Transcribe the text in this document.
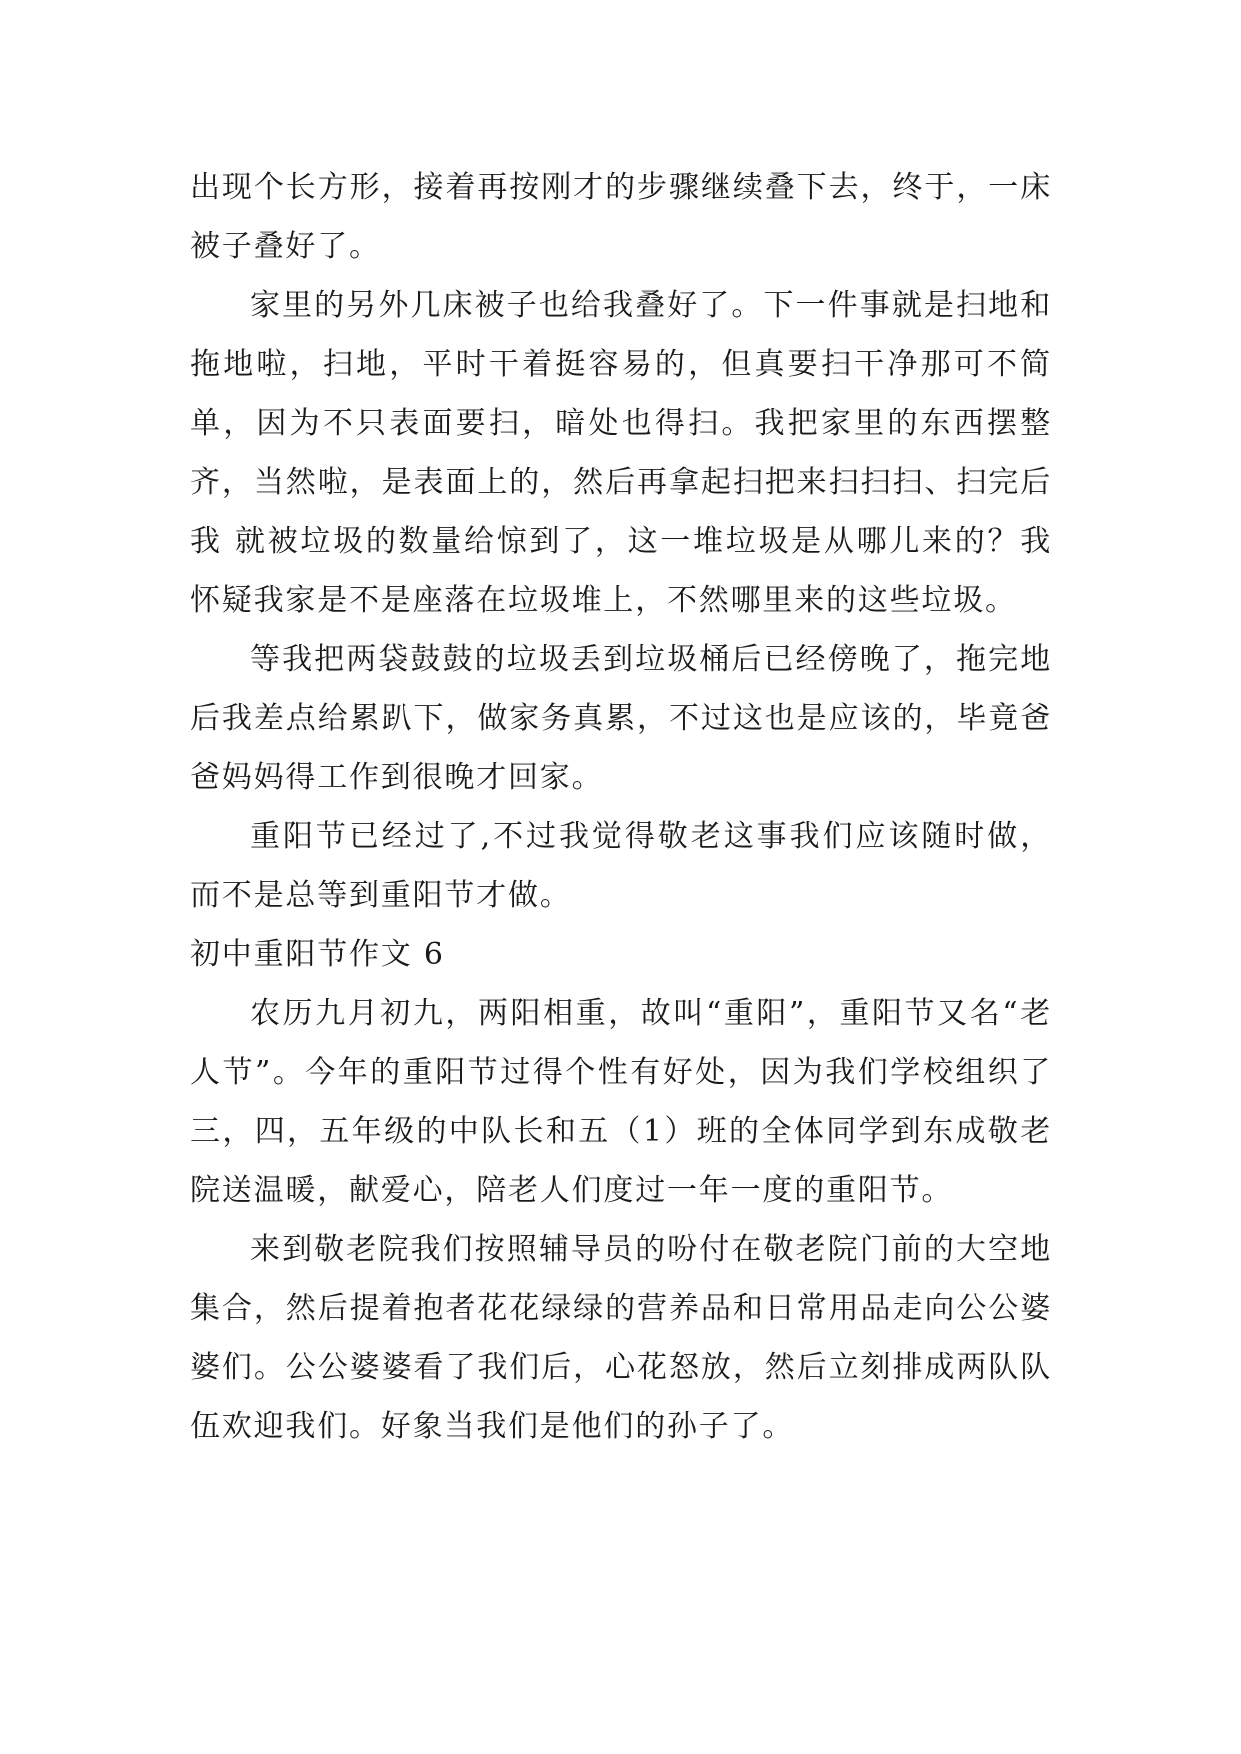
出现个长方形，接着再按刚才的步骤继续叠下去，终于，一床被子叠好了。

家里的另外几床被子也给我叠好了。下一件事就是扫地和拖地啦，扫地，平时干着挺容易的，但真要扫干净那可不简单，因为不只表面要扫，暗处也得扫。我把家里的东西摆整齐，当然啦，是表面上的，然后再拿起扫把来扫扫扫、扫完后我 就被垃圾的数量给惊到了，这一堆垃圾是从哪儿来的？我怀疑我家是不是座落在垃圾堆上，不然哪里来的这些垃圾。

等我把两袋鼓鼓的垃圾丢到垃圾桶后已经傍晚了，拖完地后我差点给累趴下，做家务真累，不过这也是应该的，毕竟爸爸妈妈得工作到很晚才回家。

重阳节已经过了,不过我觉得敬老这事我们应该随时做，而不是总等到重阳节才做。

初中重阳节作文 6

农历九月初九，两阳相重，故叫“重阳”，重阳节又名“老人节”。今年的重阳节过得个性有好处，因为我们学校组织了三，四，五年级的中队长和五（1）班的全体同学到东成敬老院送温暖，献爱心，陪老人们度过一年一度的重阳节。

来到敬老院我们按照辅导员的吩付在敬老院门前的大空地集合，然后提着抱者花花绿绿的营养品和日常用品走向公公婆婆们。公公婆婆看了我们后，心花怒放，然后立刻排成两队队伍欢迎我们。好象当我们是他们的孙子了。
